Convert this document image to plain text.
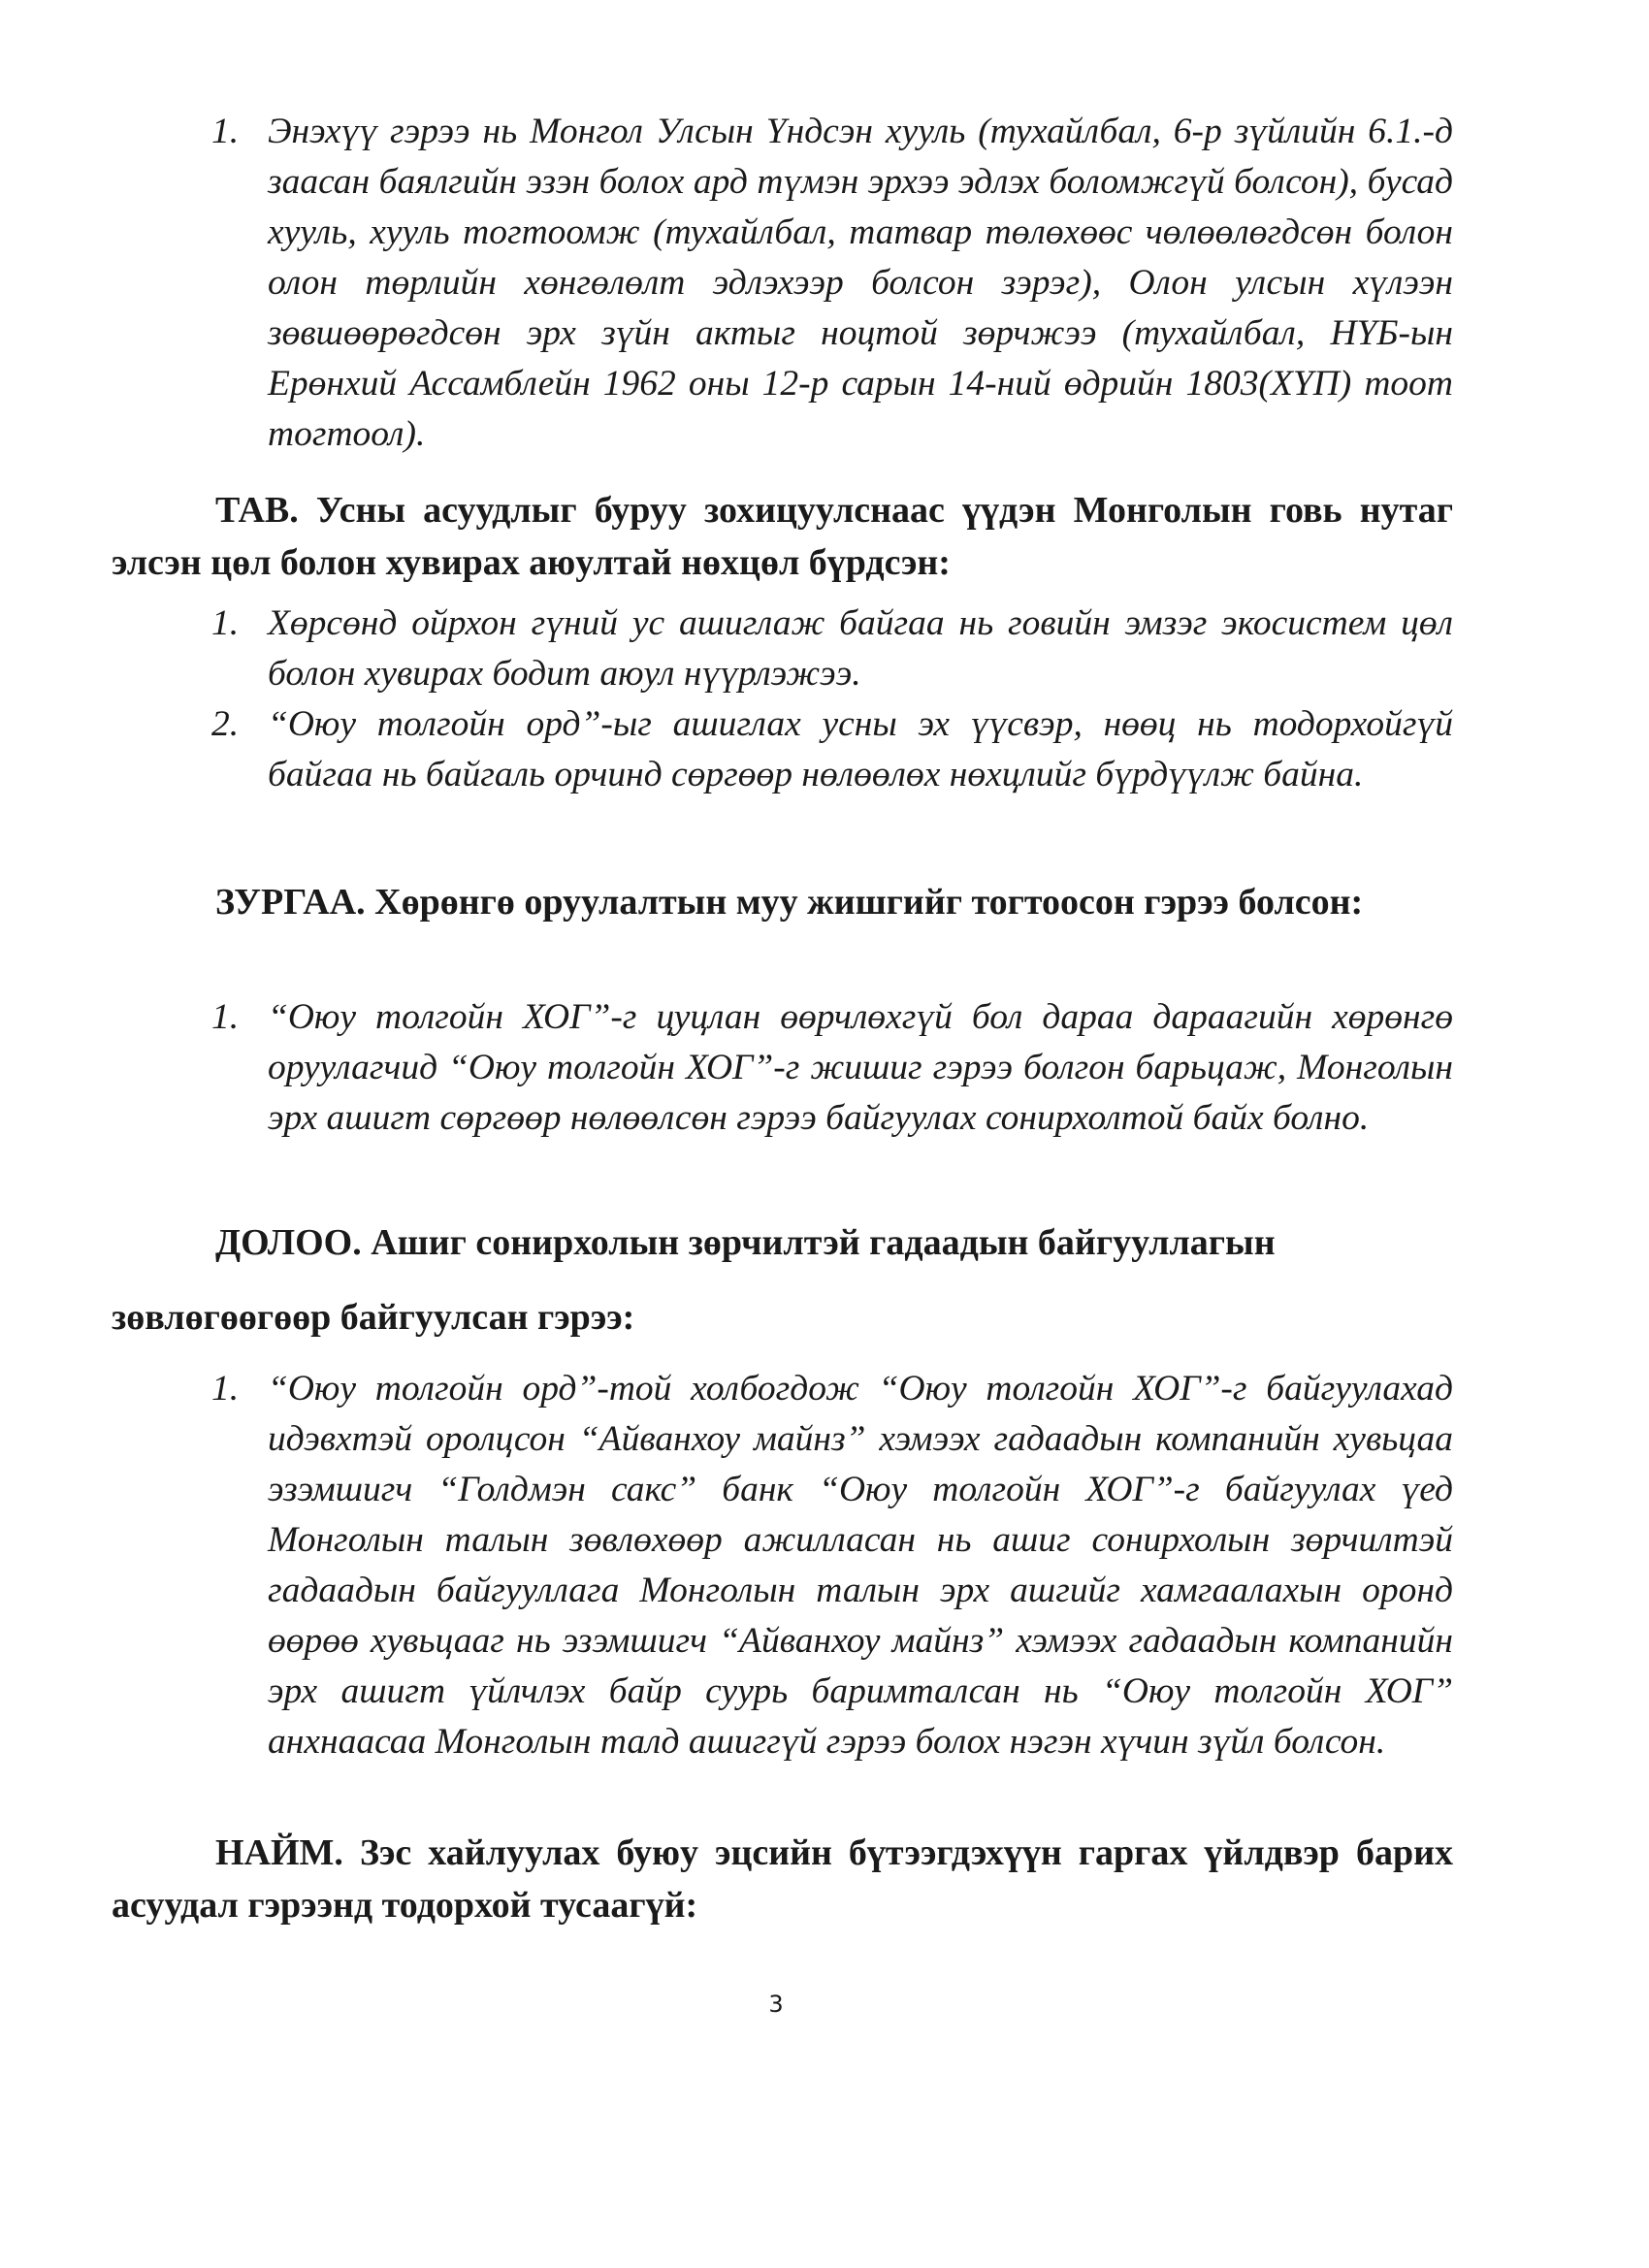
1. Энэхүү гэрээ нь Монгол Улсын Үндсэн хууль (тухайлбал, 6-р зүйлийн 6.1.-д заасан баялгийн эзэн болох ард түмэн эрхээ эдлэх боломжгүй болсон), бусад хууль, хууль тогтоомж (тухайлбал, татвар төлөхөөс чөлөөлөгдсөн болон олон төрлийн хөнгөлөлт эдлэхээр болсон зэрэг), Олон улсын хүлээн зөвшөөрөгдсөн эрх зүйн актыг ноцтой зөрчжээ (тухайлбал, НҮБ-ын Ерөнхий Ассамблейн 1962 оны 12-р сарын 14-ний өдрийн 1803(ХҮП) тоот тогтоол).
ТАВ. Усны асуудлыг буруу зохицуулснаас үүдэн Монголын говь нутаг элсэн цөл болон хувирах аюултай нөхцөл бүрдсэн:
1. Хөрсөнд ойрхон гүний ус ашиглаж байгаа нь говийн эмзэг экосистем цөл болон хувирах бодит аюул нүүрлэжээ.
2. “Оюу толгойн орд”-ыг ашиглах усны эх үүсвэр, нөөц нь тодорхойгүй байгаа нь байгаль орчинд сөргөөр нөлөөлөх нөхцлийг бүрдүүлж байна.
ЗУРГАА. Хөрөнгө оруулалтын муу жишгийг тогтоосон гэрээ болсон:
1. “Оюу толгойн ХОГ”-г цуцлан өөрчлөхгүй бол дараа дараагийн хөрөнгө оруулагчид “Оюу толгойн ХОГ”-г жишиг гэрээ болгон барьцаж, Монголын эрх ашигт сөргөөр нөлөөлсөн гэрээ байгуулах сонирхолтой байх болно.
ДОЛОО. Ашиг сонирхолын зөрчилтэй гадаадын байгууллагын
зөвлөгөөгөөр байгуулсан гэрээ:
1. “Оюу толгойн орд”-той холбогдож “Оюу толгойн ХОГ”-г байгуулахад идэвхтэй оролцсон “Айванхоу майнз” хэмээх гадаадын компанийн хувьцаа эзэмшигч “Голдмэн сакс” банк “Оюу толгойн ХОГ”-г байгуулах үед Монголын талын зөвлөхөөр ажилласан нь ашиг сонирхолын зөрчилтэй гадаадын байгууллага Монголын талын эрх ашгийг хамгаалахын оронд өөрөө хувьцааг нь эзэмшигч “Айванхоу майнз” хэмээх гадаадын компанийн эрх ашигт үйлчлэх байр суурь баримталсан нь “Оюу толгойн ХОГ” анхнаасаа Монголын талд ашиггүй гэрээ болох нэгэн хүчин зүйл болсон.
НАЙМ. Зэс хайлуулах буюу эцсийн бүтээгдэхүүн гаргах үйлдвэр барих асуудал гэрээнд тодорхой тусаагүй:
3
